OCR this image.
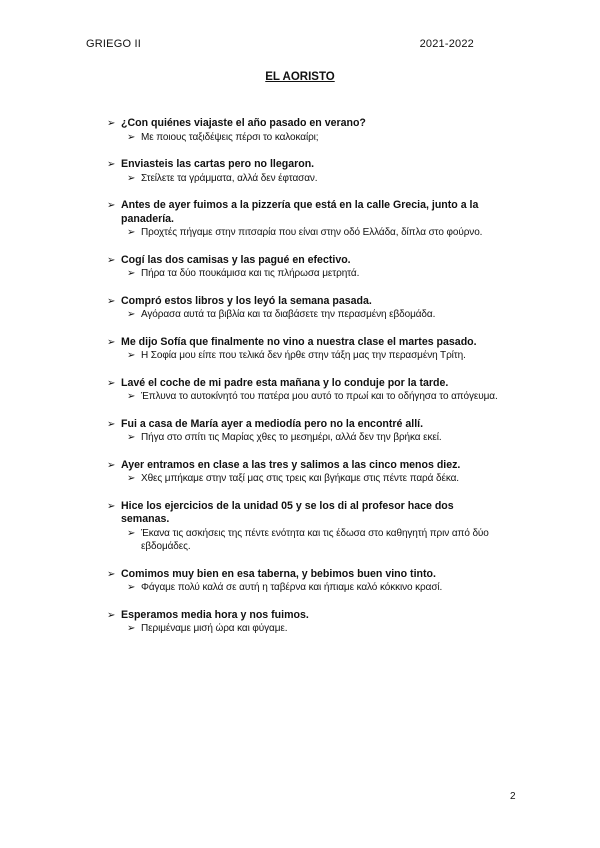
GRIEGO II	2021-2022
EL AORISTO
➢ ¿Con quiénes viajaste el año pasado en verano?
➢ Με ποιους ταξιδέψεις πέρσι το καλοκαίρι;
➢ Enviasteis las cartas pero no llegaron.
➢ Στείλετε τα γράμματα, αλλά δεν έφτασαν.
➢ Antes de ayer fuimos a la pizzería que está en la calle Grecia, junto a la panadería.
➢ Προχτές πήγαμε στην πιτσαρία που είναι στην οδό Ελλάδα, δίπλα στο φούρνο.
➢ Cogí las dos camisas y las pagué en efectivo.
➢ Πήρα τα δύο πουκάμισα και τις πλήρωσα μετρητά.
➢ Compró estos libros y los leyó la semana pasada.
➢ Αγόρασα αυτά τα βιβλία και τα διαβάσετε την περασμένη εβδομάδα.
➢ Me dijo Sofía que finalmente no vino a nuestra clase el martes pasado.
➢ Η Σοφία μου είπε που τελικά δεν ήρθε στην τάξη μας την περασμένη Τρίτη.
➢ Lavé el coche de mi padre esta mañana y lo conduje por la tarde.
➢ Έπλυνα το αυτοκίνητό του πατέρα μου αυτό το πρωί και το οδήγησα το απόγευμα.
➢ Fui a casa de María ayer a mediodía pero no la encontré allí.
➢ Πήγα στο σπίτι τις Μαρίας χθες το μεσημέρι, αλλά δεν την βρήκα εκεί.
➢ Ayer entramos en clase a las tres y salimos a las cinco menos diez.
➢ Χθες μπήκαμε στην ταξί μας στις τρεις και βγήκαμε στις πέντε παρά δέκα.
➢ Hice los ejercicios de la unidad 05 y se los di al profesor hace dos semanas.
➢ Έκανα τις ασκήσεις της πέντε ενότητα και τις έδωσα στο καθηγητή πριν από δύο εβδομάδες.
➢ Comimos muy bien en esa taberna, y bebimos buen vino tinto.
➢ Φάγαμε πολύ καλά σε αυτή η ταβέρνα και ήπιαμε καλό κόκκινο κρασί.
➢ Esperamos media hora y nos fuimos.
➢ Περιμέναμε μισή ώρα και φύγαμε.
2
